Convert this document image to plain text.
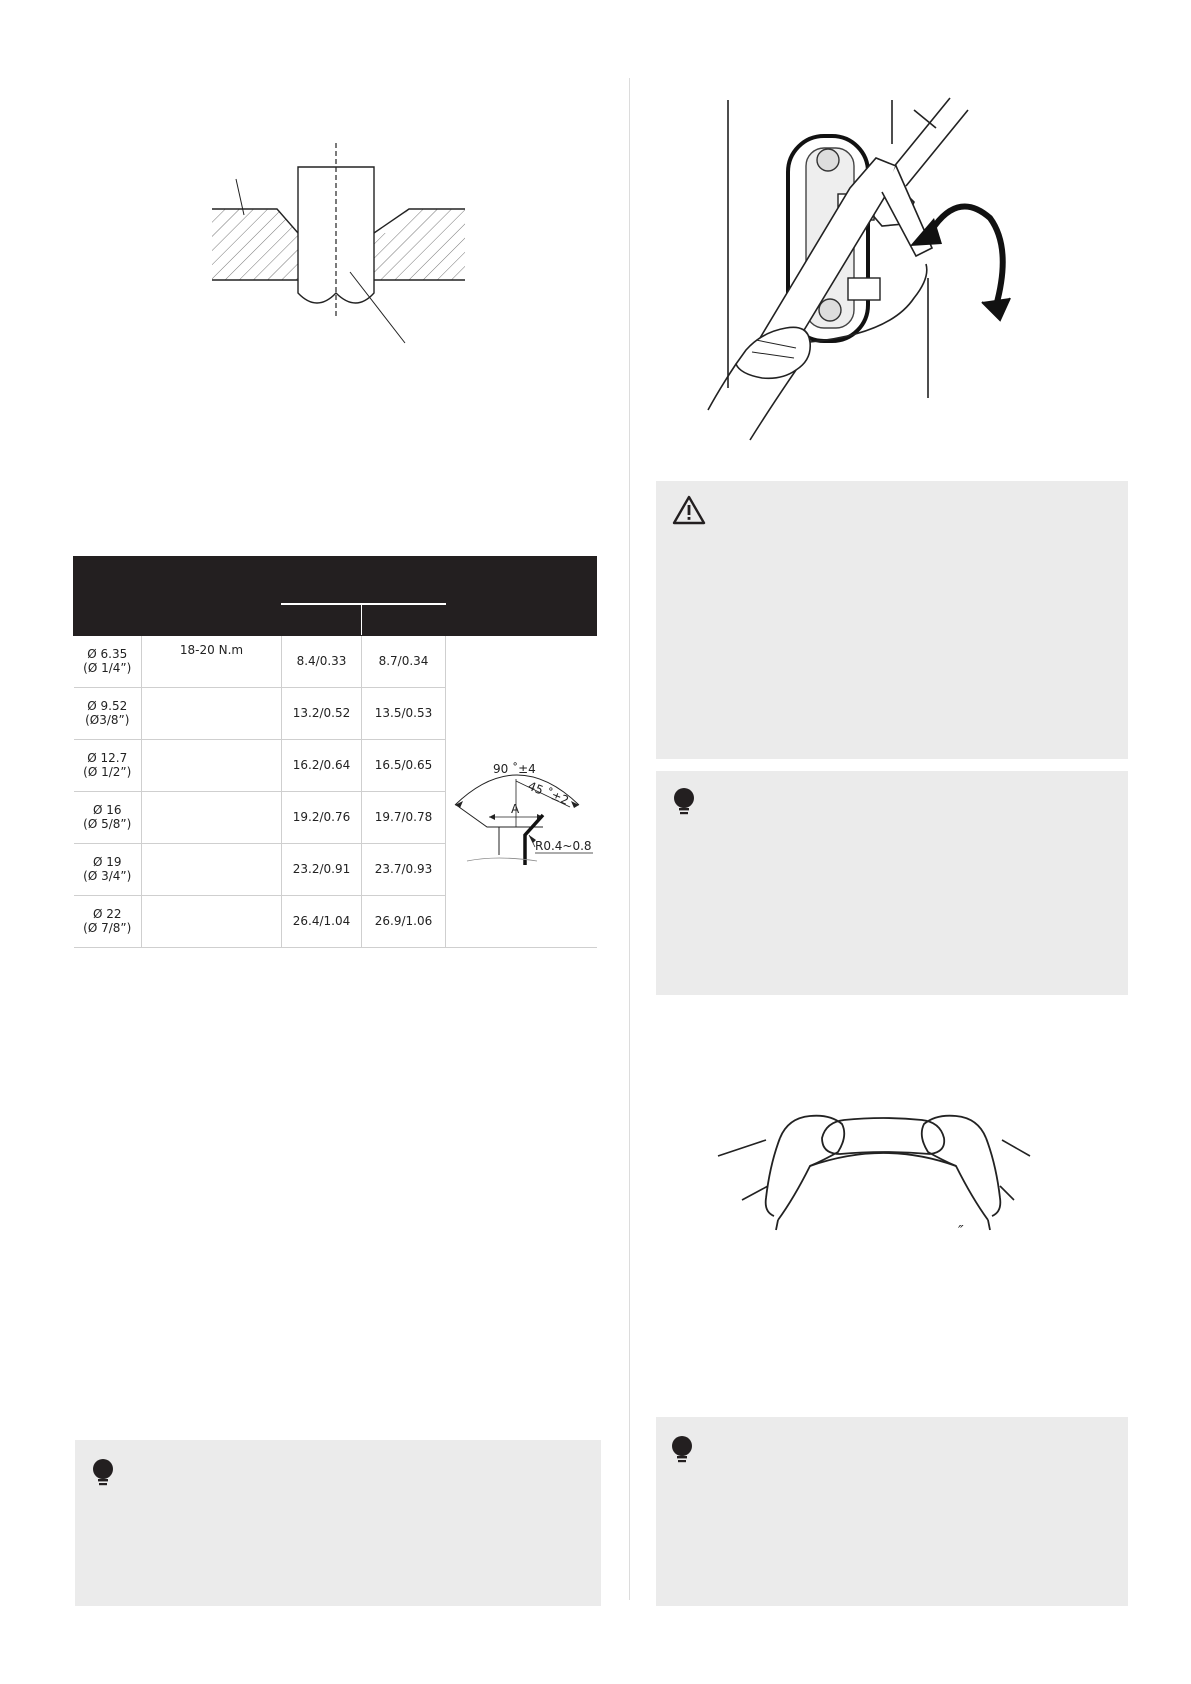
Ø 6.35
(Ø 1/4”)	18-20 N.m	8.4/0.33	8.7/0.34	90 ˚±4
45 ˚±2
A
R0.4~0.8

Ø 9.52
(Ø3/8”)		13.2/0.52	13.5/0.53	
Ø 12.7
(Ø 1/2”)		16.2/0.64	16.5/0.65	
Ø 16
(Ø 5/8”)		19.2/0.76	19.7/0.78	
Ø 19
(Ø 3/4”)		23.2/0.91	23.7/0.93	
Ø 22
(Ø 7/8”)		26.4/1.04	26.9/1.06	
″
